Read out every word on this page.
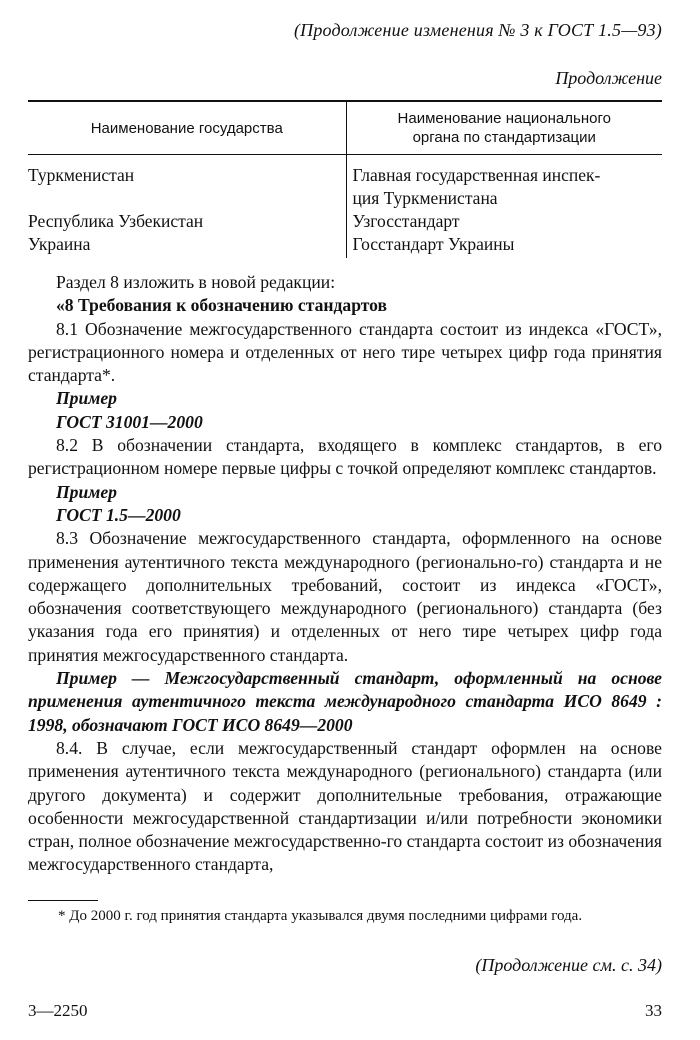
(Продолжение изменения № 3 к ГОСТ 1.5—93)
Продолжение
Наименование государства
Наименование национального
органа по стандартизации
Туркменистан
Республика Узбекистан
Украина
Главная государственная инспек-
ция Туркменистана
Узгосстандарт
Госстандарт Украины

Раздел 8 изложить в новой редакции:

«8 Требования к обозначению стандартов

8.1 Обозначение межгосударственного стандарта состоит из индекса «ГОСТ», регистрационного номера и отделенных от него тире четырех цифр года принятия стандарта*.

Пример

ГОСТ 31001—2000

8.2 В обозначении стандарта, входящего в комплекс стандартов, в его регистрационном номере первые цифры с точкой определяют комплекс стандартов.

Пример

ГОСТ 1.5—2000

8.3 Обозначение межгосударственного стандарта, оформленного на основе применения аутентичного текста международного (регионально-го) стандарта и не содержащего дополнительных требований, состоит из индекса «ГОСТ», обозначения соответствующего международного (регионального) стандарта (без указания года его принятия) и отделенных от него тире четырех цифр года принятия межгосударственного стандарта.

Пример — Межгосударственный стандарт, оформленный на основе применения аутентичного текста международного стандарта ИСО 8649 : 1998, обозначают ГОСТ ИСО 8649—2000

8.4. В случае, если межгосударственный стандарт оформлен на основе применения аутентичного текста международного (регионального) стандарта (или другого документа) и содержит дополнительные требования, отражающие особенности межгосударственной стандартизации и/или потребности экономики стран, полное обозначение межгосударственно-го стандарта состоит из обозначения межгосударственного стандарта,

* До 2000 г. год принятия стандарта указывался двумя последними цифрами года.
(Продолжение см. с. 34)
3—2250	33
